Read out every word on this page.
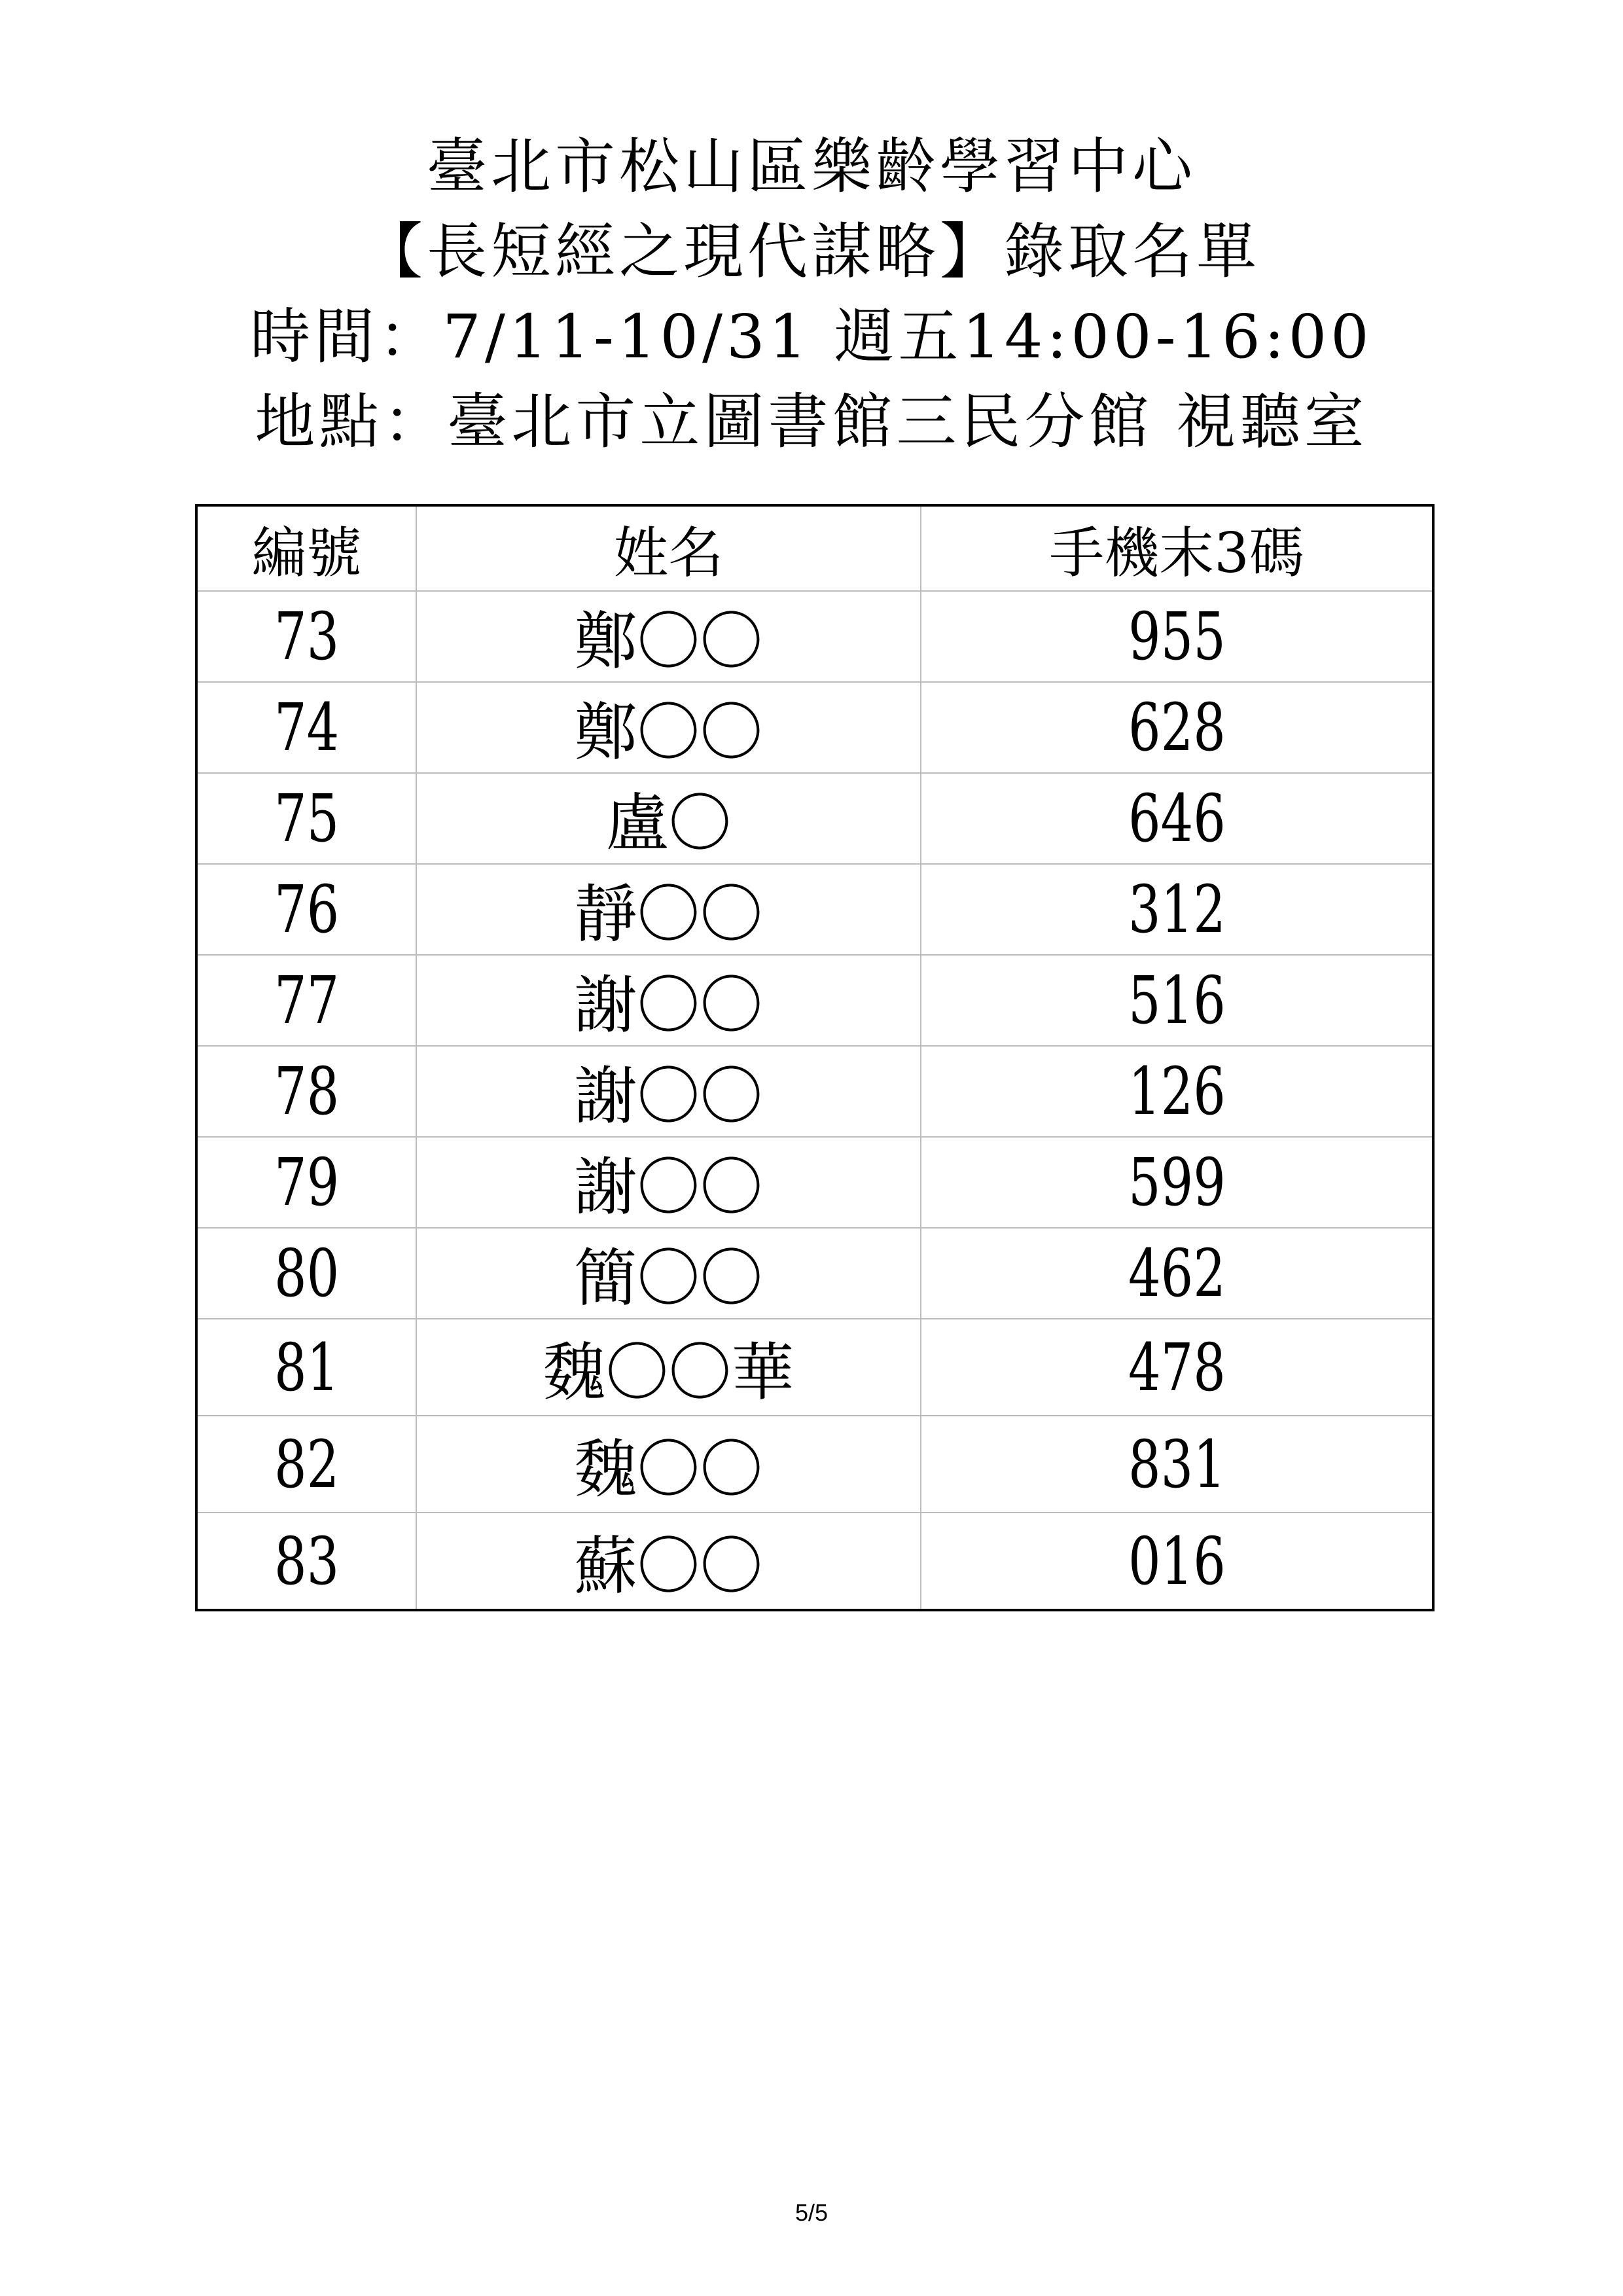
臺北市松山區樂齡學習中心
【長短經之現代謀略】錄取名單
時間：7/11-10/31 週五14:00-16:00
地點：臺北市立圖書館三民分館 視聽室
編號	姓名	手機末3碼
73	鄭〇〇	955
74	鄭〇〇	628
75	盧〇	646
76	靜〇〇	312
77	謝〇〇	516
78	謝〇〇	126
79	謝〇〇	599
80	簡〇〇	462
81	魏〇〇華	478
82	魏〇〇	831
83	蘇〇〇	016
5/5
